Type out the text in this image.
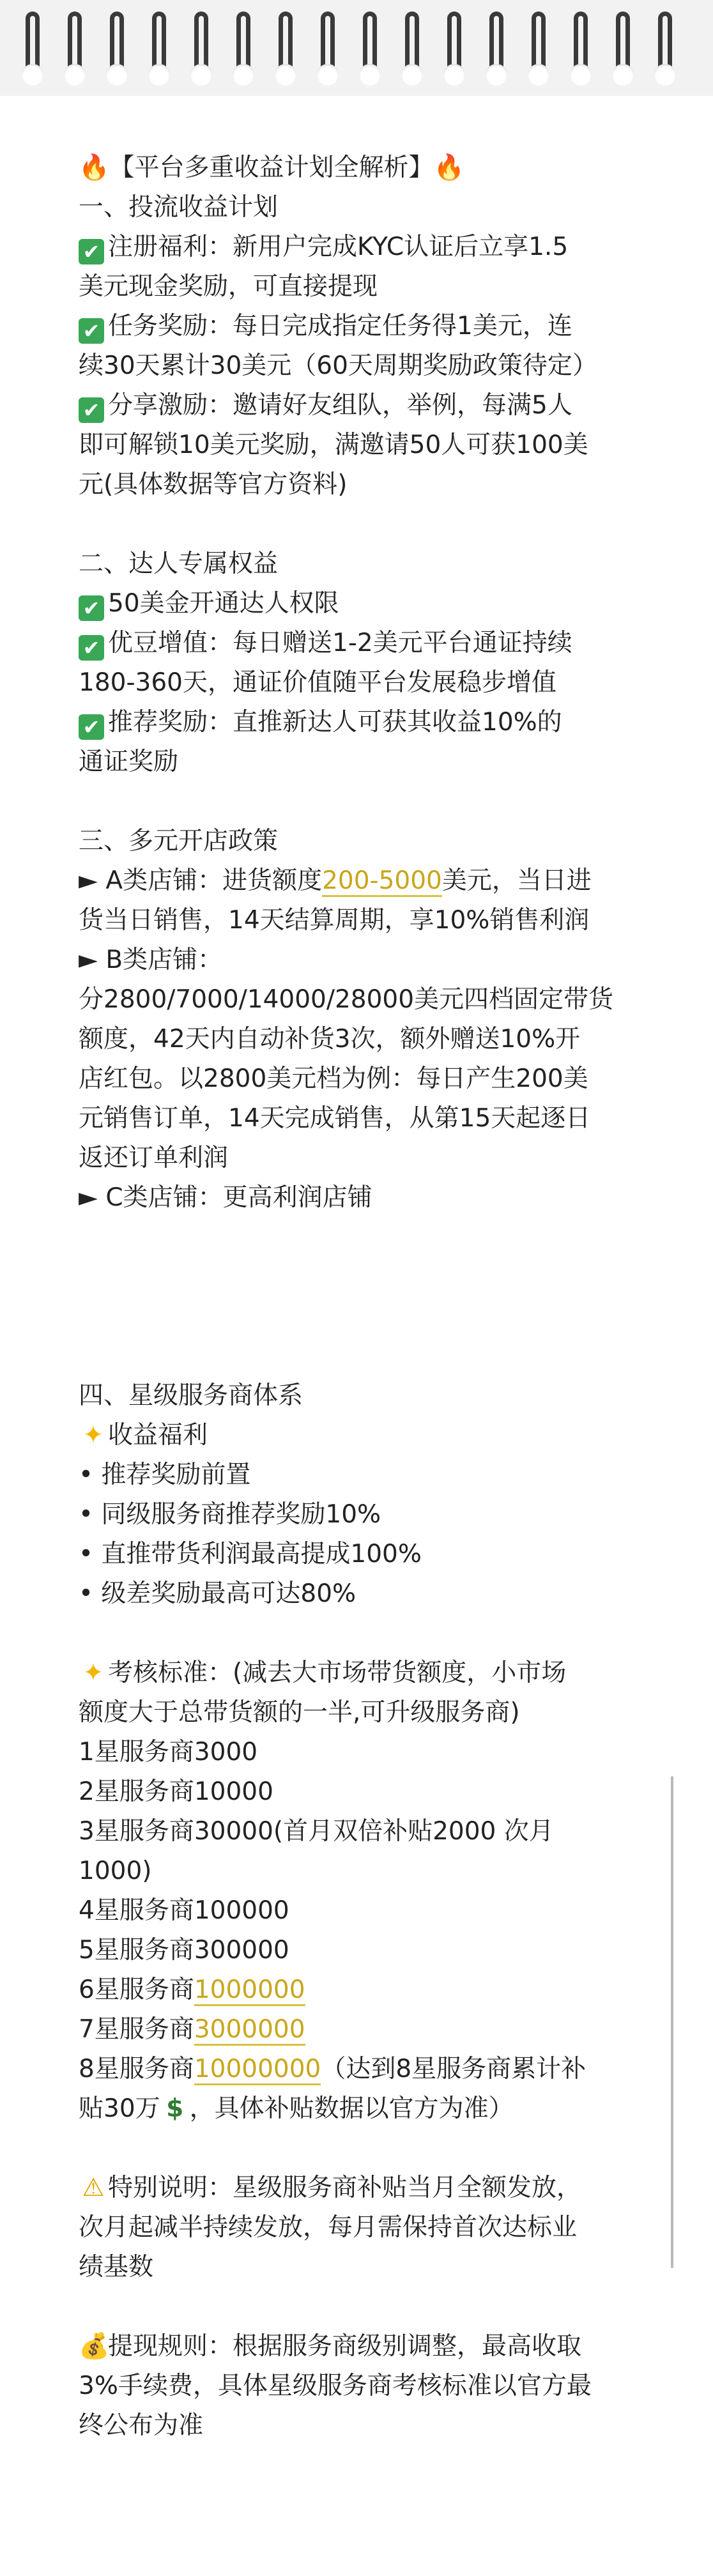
🔥【平台多重收益计划全解析】🔥
一、投流收益计划
✔ 注册福利：新用户完成KYC认证后立享1.5
美元现金奖励，可直接提现
✔ 任务奖励：每日完成指定任务得1美元，连
续30天累计30美元（60天周期奖励政策待定）
✔ 分享激励：邀请好友组队，举例，每满5人
即可解锁10美元奖励，满邀请50人可获100美
元(具体数据等官方资料)
二、达人专属权益
✔ 50美金开通达人权限
✔ 优豆增值：每日赠送1-2美元平台通证持续
180-360天，通证价值随平台发展稳步增值
✔ 推荐奖励：直推新达人可获其收益10%的
通证奖励
三、多元开店政策
► A类店铺：进货额度200-5000美元，当日进
货当日销售，14天结算周期，享10%销售利润
► B类店铺：
分2800/7000/14000/28000美元四档固定带货
额度，42天内自动补货3次，额外赠送10%开
店红包。以2800美元档为例：每日产生200美
元销售订单，14天完成销售，从第15天起逐日
返还订单利润
► C类店铺：更高利润店铺
四、星级服务商体系
✦ 收益福利
• 推荐奖励前置
• 同级服务商推荐奖励10%
• 直推带货利润最高提成100%
• 级差奖励最高可达80%
✦ 考核标准：(减去大市场带货额度，小市场
额度大于总带货额的一半,可升级服务商)
1星服务商3000
2星服务商10000
3星服务商30000(首月双倍补贴2000 次月
1000)
4星服务商100000
5星服务商300000
6星服务商1000000
7星服务商3000000
8星服务商10000000（达到8星服务商累计补
贴30万 $ ，具体补贴数据以官方为准）
⚠ 特别说明：星级服务商补贴当月全额发放，
次月起减半持续发放，每月需保持首次达标业
绩基数
💰提现规则：根据服务商级别调整，最高收取
3%手续费，具体星级服务商考核标准以官方最
终公布为准
